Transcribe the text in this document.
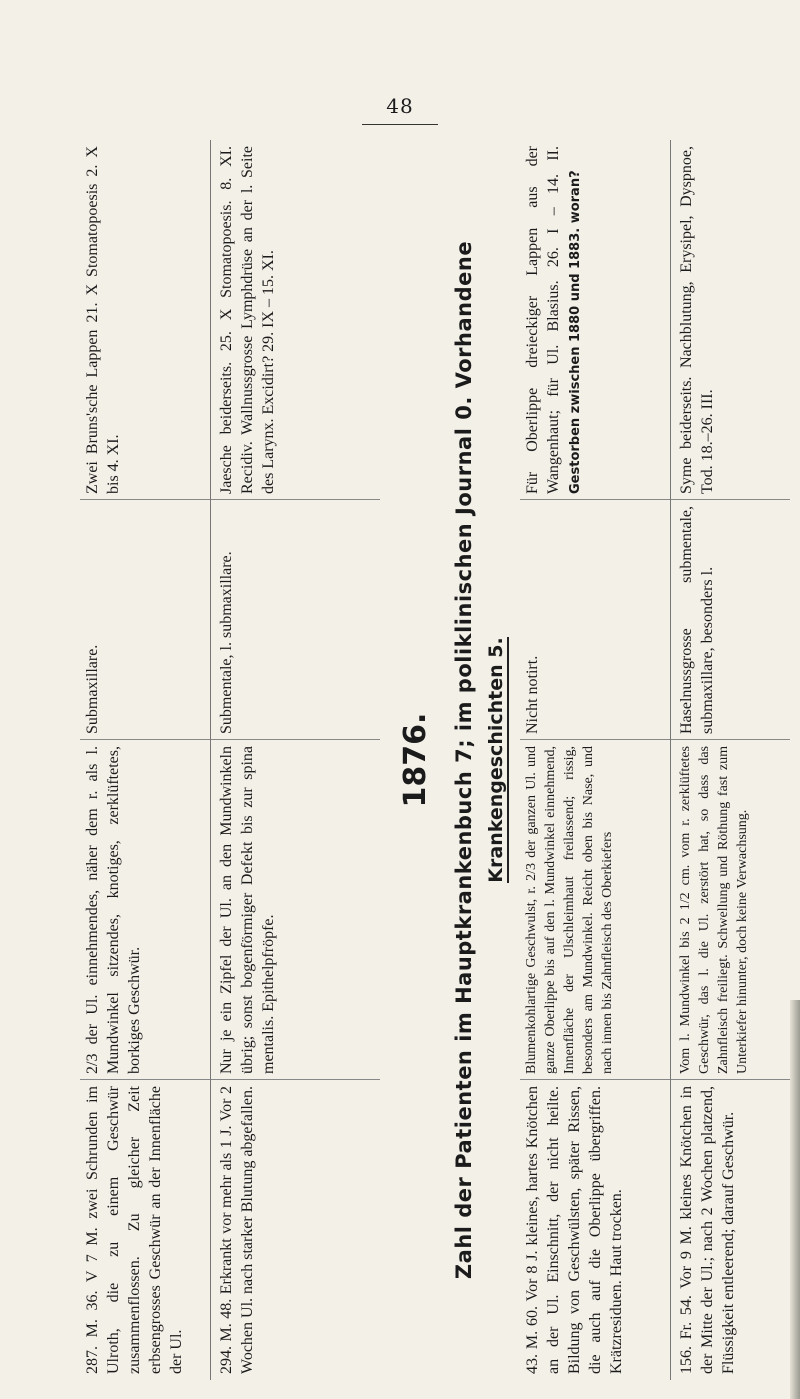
48
287. M. 36. V 7 M. zwei Schrunden im Ulroth, die zu einem Geschwür zusammenflossen. Zu gleicher Zeit erbsengrosses Geschwür an der Innenfläche der Ul.
2/3 der Ul. einnehmendes, näher dem r. als l. Mundwinkel sitzendes, knotiges, zerklüftetes, borkiges Geschwür.
Submaxillare.
Zwei Bruns'sche Lappen 21. X Stomatopoesis 2. X bis 4. XI.
294. M. 48. Erkrankt vor mehr als 1 J. Vor 2 Wochen Ul. nach starker Blutung abgefallen.
Nur je ein Zipfel der Ul. an den Mundwinkeln übrig; sonst bogenförmiger Defekt bis zur spina mentalis. Epithelpfröpfe.
Submentale, l. submaxillare.
Jaesche beiderseits. 25. X Stomatopoesis. 8. XI. Recidiv. Wallnussgrosse Lymphdrüse an der l. Seite des Larynx. Excidirt? 29. IX – 15. XI.
1876. Zahl der Patienten im Hauptkrankenbuch 7; im poliklinischen Journal 0. Vorhandene Krankengeschichten 5.
43. M. 60. Vor 8 J. kleines, hartes Knötchen an der Ul. Einschnitt, der nicht heilte. Bildung von Geschwülsten, später Rissen, die auch auf die Oberlippe übergriffen. Krätzresiduen. Haut trocken.
Blumenkohlartige Geschwulst, r. 2/3 der ganzen Ul. und ganze Oberlippe bis auf den l. Mundwinkel einnehmend, Innenfläche der Ulschleimhaut freilassend; rissig, besonders am Mundwinkel. Reicht oben bis Nase, und nach innen bis Zahnfleisch des Oberkiefers
Nicht notirt.
Für Oberlippe dreieckiger Lappen aus der Wangenhaut; für Ul. Blasius. 26. I – 14. II. Gestorben zwischen 1880 und 1883. woran?
156. Fr. 54. Vor 9 M. kleines Knötchen in der Mitte der Ul.; nach 2 Wochen platzend, Flüssigkeit entleerend; darauf Geschwür.
Vom l. Mundwinkel bis 2 1/2 cm. vom r. zerklüftetes Geschwür, das l. die Ul. zerstört hat, so dass das Zahnfleisch freiliegt. Schwellung und Röthung fast zum Unterkiefer hinunter, doch keine Verwachsung.
Haselnussgrosse submentale, submaxillare, besonders l.
Syme beiderseits. Nachblutung, Erysipel, Dyspnoe, Tod. 18.–26. III.
